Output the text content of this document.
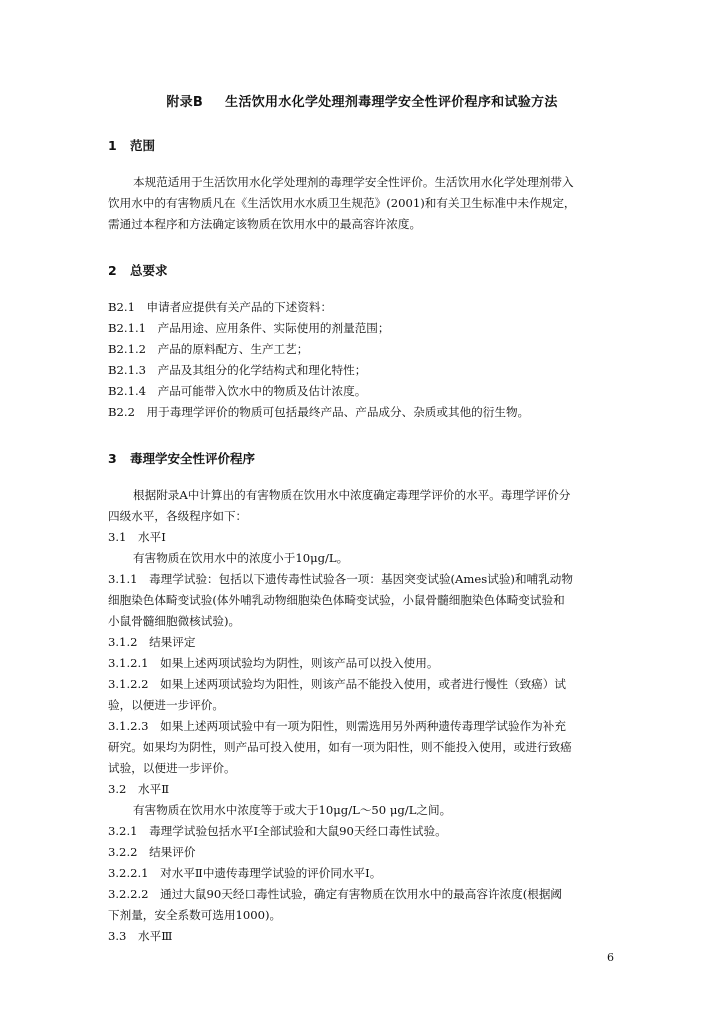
附录B 生活饮用水化学处理剂毒理学安全性评价程序和试验方法
1 范围
本规范适用于生活饮用水化学处理剂的毒理学安全性评价。生活饮用水化学处理剂带入
饮用水中的有害物质凡在《生活饮用水水质卫生规范》(2001)和有关卫生标准中未作规定，
需通过本程序和方法确定该物质在饮用水中的最高容许浓度。
2 总要求
B2.1　申请者应提供有关产品的下述资料：
B2.1.1　产品用途、应用条件、实际使用的剂量范围；
B2.1.2　产品的原料配方、生产工艺；
B2.1.3　产品及其组分的化学结构式和理化特性；
B2.1.4　产品可能带入饮水中的物质及估计浓度。
B2.2　用于毒理学评价的物质可包括最终产品、产品成分、杂质或其他的衍生物。
3 毒理学安全性评价程序
根据附录A中计算出的有害物质在饮用水中浓度确定毒理学评价的水平。毒理学评价分
四级水平，各级程序如下：
3.1　水平Ⅰ
有害物质在饮用水中的浓度小于10μg/L。
3.1.1　毒理学试验：包括以下遗传毒性试验各一项：基因突变试验(Ames试验)和哺乳动物
细胞染色体畸变试验(体外哺乳动物细胞染色体畸变试验，小鼠骨髓细胞染色体畸变试验和
小鼠骨髓细胞微核试验)。
3.1.2　结果评定
3.1.2.1　如果上述两项试验均为阴性，则该产品可以投入使用。
3.1.2.2　如果上述两项试验均为阳性，则该产品不能投入使用，或者进行慢性（致癌）试
验，以便进一步评价。
3.1.2.3　如果上述两项试验中有一项为阳性，则需选用另外两种遗传毒理学试验作为补充
研究。如果均为阴性，则产品可投入使用，如有一项为阳性，则不能投入使用，或进行致癌
试验，以便进一步评价。
3.2　水平Ⅱ
有害物质在饮用水中浓度等于或大于10μg/L～50 μg/L之间。
3.2.1　毒理学试验包括水平Ⅰ全部试验和大鼠90天经口毒性试验。
3.2.2　结果评价
3.2.2.1　对水平Ⅱ中遗传毒理学试验的评价同水平Ⅰ。
3.2.2.2　通过大鼠90天经口毒性试验，确定有害物质在饮用水中的最高容许浓度(根据阈
下剂量，安全系数可选用1000)。
3.3　水平Ⅲ
6
